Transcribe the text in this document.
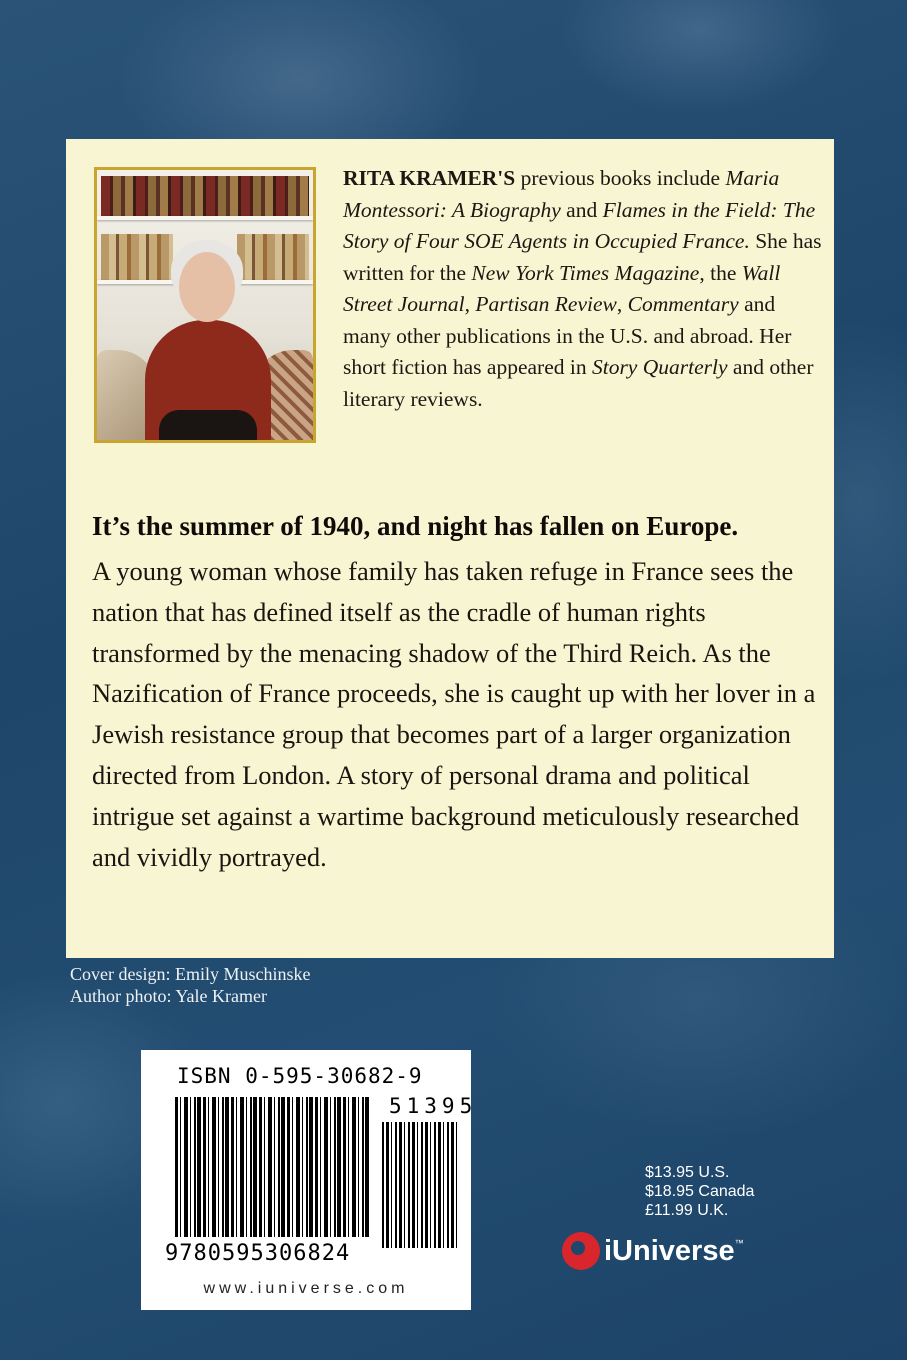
RITA KRAMER'S previous books include Maria Montessori: A Biography and Flames in the Field: The Story of Four SOE Agents in Occupied France. She has written for the New York Times Magazine, the Wall Street Journal, Partisan Review, Commentary and many other publications in the U.S. and abroad. Her short fiction has appeared in Story Quarterly and other literary reviews.

It’s the summer of 1940, and night has fallen on Europe.

A young woman whose family has taken refuge in France sees the nation that has defined itself as the cradle of human rights transformed by the menacing shadow of the Third Reich. As the Nazification of France proceeds, she is caught up with her lover in a Jewish resistance group that becomes part of a larger organization directed from London. A story of personal drama and political intrigue set against a wartime background meticulously researched and vividly portrayed.

Cover design: Emily Muschinske
Author photo: Yale Kramer
ISBN 0-595-30682-9
51395
9780595306824
www.iuniverse.com
$13.95 U.S.
$18.95 Canada
£11.99 U.K.
iUniverse ™
